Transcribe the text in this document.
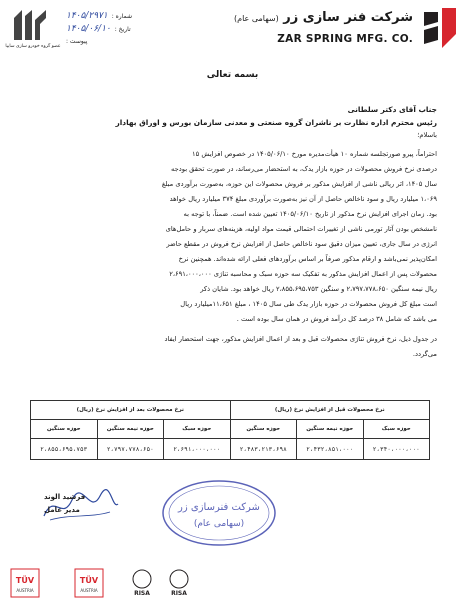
شرکت فنر سازی زر (سهامی عام)
ZAR SPRING MFG. CO.
عضو گروه خودرو سازی سایپا
شماره :
۱۴۰۵/۲۹۷۱
تاریخ :
۱۴۰۵/۰۶/۱۰
پیوست :
بسمه تعالی
جناب آقای دکتر سلطانی
رئیس محترم اداره نظارت بر ناشران گروه صنعتی و معدنی سازمان بورس و اوراق بهادار
باسلام؛
احتراماً، پیرو صورتجلسه شماره ۱۰ هیأت‌مدیره مورخ ۱۴۰۵/۰۶/۱۰ در خصوص افزایش ۱۵
درصدی نرخ فروش محصولات در حوزه بازار یدک، به استحضار می‌رساند، در صورت تحقق بودجه
سال ۱۴۰۵، اثر ریالی ناشی از افزایش مذکور بر فروش محصولات این حوزه، به‌صورت برآوردی مبلغ
۱،۰۶۹ میلیارد ریال و سود ناخالص حاصل از آن نیز به‌صورت برآوردی مبلغ ۳۷۴ میلیارد ریال خواهد
بود. زمان اجرای افزایش نرخ مذکور از تاریخ ۱۴۰۵/۰۶/۱۰ تعیین شده است. ضمناً، با توجه به
نامشخص بودن آثار تورمی ناشی از تغییرات احتمالی قیمت مواد اولیه، هزینه‌های سربار و حامل‌های
انرژی در سال جاری، تعیین میزان دقیق سود ناخالص حاصل از افزایش نرخ فروش در مقطع حاضر
امکان‌پذیر نمی‌باشد و ارقام مذکور صرفاً بر اساس برآوردهای فعلی ارائه شده‌اند. همچنین نرخ
محصولات پس از اعمال افزایش مذکور به تفکیک سه حوزه سبک و محاسبه تناژی ۲،۶۹۱،۰۰۰،۰۰۰
ریال نیمه سنگین ۲،۷۹۷،۷۷۸،۶۵۰ و سنگین ۲،۸۵۵،۶۹۵،۷۵۳ ریال خواهد بود. شایان ذکر
است مبلغ کل فروش محصولات در حوزه بازار یدک طی سال ۱۴۰۵ ، مبلغ ۱۱،۶۵۱میلیارد ریال
می باشد که شامل ۳۸ درصد کل درآمد فروش در همان سال بوده است .
در جدول ذیل، نرخ فروش تناژی محصولات قبل و بعد از اعمال افزایش مذکور، جهت استحضار ایفاد
می‌گردد.
نرخ محصولات قبل از افزایش نرخ (ریال)			نرخ محصولات بعد از افزایش نرخ (ریال)		
حوزه سبک	حوزه نیمه سنگین	حوزه سنگین	حوزه سبک	حوزه نیمه سنگین	حوزه سنگین
۲،۳۴۰،۰۰۰،۰۰۰	۲،۴۳۲،۸۵۱،۰۰۰	۲،۴۸۳،۲۱۳،۶۹۸	۲،۶۹۱،۰۰۰،۰۰۰	۲،۷۹۷،۷۷۸،۶۵۰	۲،۸۵۵،۶۹۵،۷۵۳
فرشید الوند
مدیر عامل	شرکت فنرسازی زر
(سهامی عام)
TÜV
AUSTRIA
TÜV
AUSTRIA	RISA	RISA
